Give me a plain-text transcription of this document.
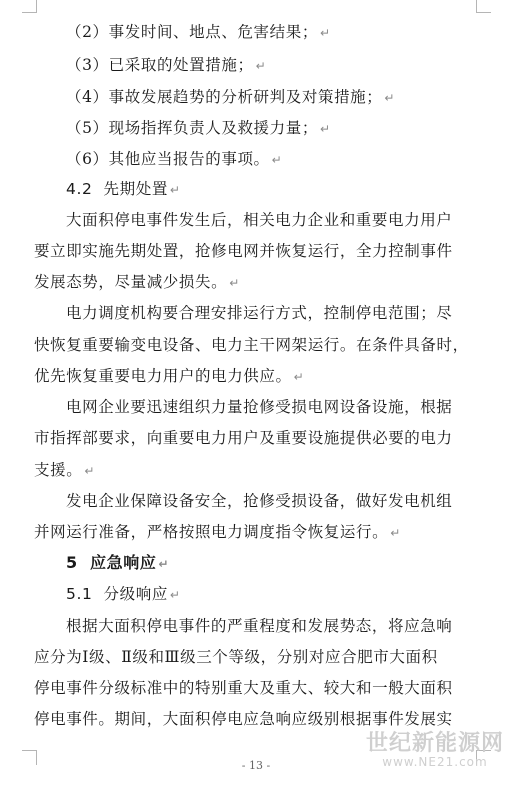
（2）事发时间、地点、危害结果； ↵
（3）已采取的处置措施； ↵
（4）事故发展趋势的分析研判及对策措施； ↵
（5）现场指挥负责人及救援力量； ↵
（6）其他应当报告的事项。 ↵
4.2 先期处置 ↵
大面积停电事件发生后，相关电力企业和重要电力用户
要立即实施先期处置，抢修电网并恢复运行，全力控制事件
发展态势，尽量减少损失。 ↵
电力调度机构要合理安排运行方式，控制停电范围；尽
快恢复重要输变电设备、电力主干网架运行。在条件具备时，
优先恢复重要电力用户的电力供应。 ↵
电网企业要迅速组织力量抢修受损电网设备设施，根据
市指挥部要求，向重要电力用户及重要设施提供必要的电力
支援。 ↵
发电企业保障设备安全，抢修受损设备，做好发电机组
并网运行准备，严格按照电力调度指令恢复运行。 ↵
5 应急响应 ↵
5.1 分级响应 ↵
根据大面积停电事件的严重程度和发展势态，将应急响
应分为Ⅰ级、Ⅱ级和Ⅲ级三个等级，分别对应合肥市大面积
停电事件分级标准中的特别重大及重大、较大和一般大面积
停电事件。期间，大面积停电应急响应级别根据事件发展实
- 13 -
世纪新能源网
www.NE21.com
